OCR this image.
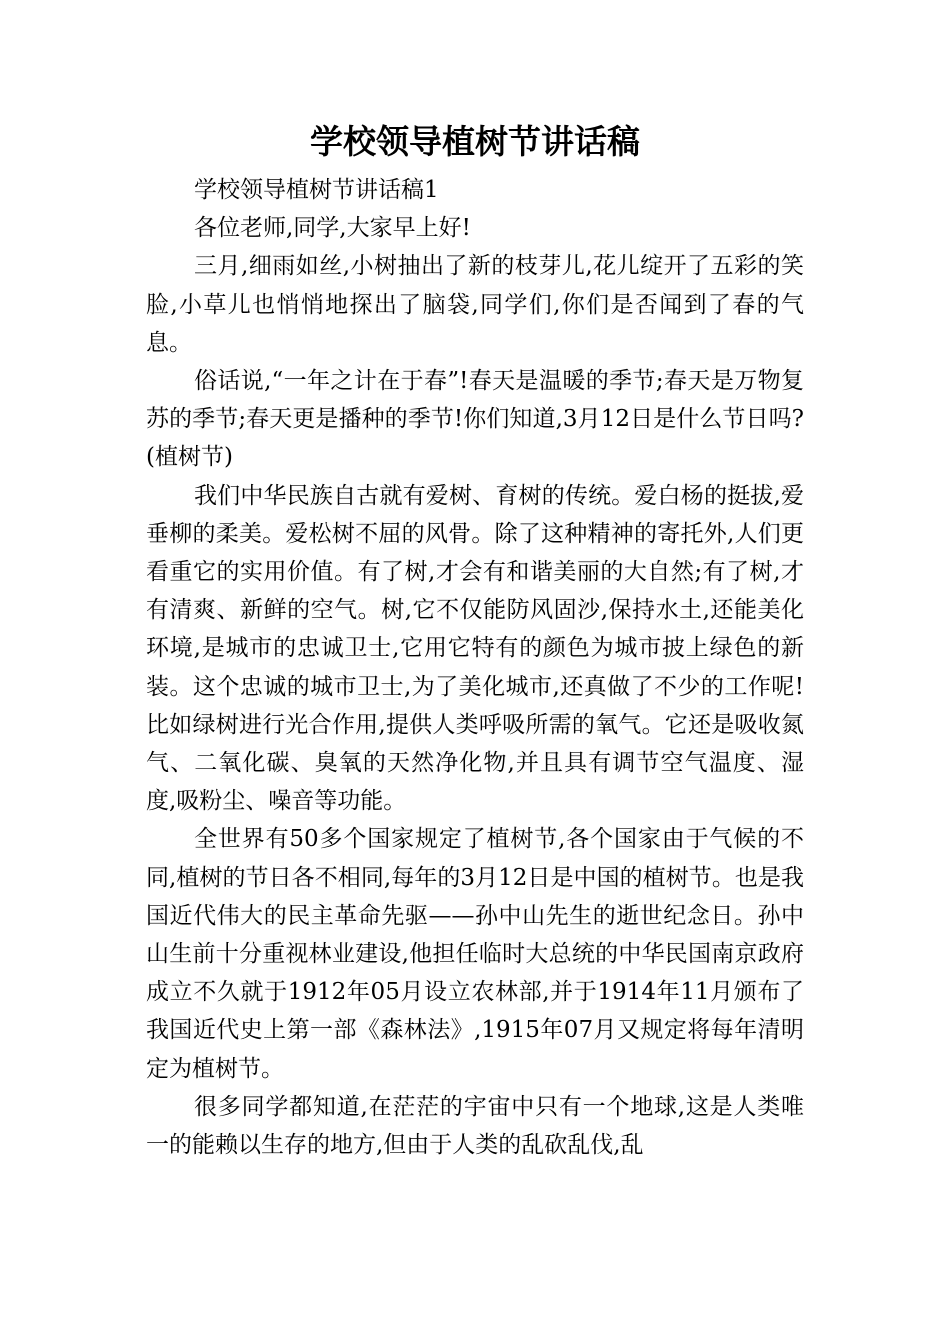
学校领导植树节讲话稿

学校领导植树节讲话稿1

各位老师,同学,大家早上好!

三月,细雨如丝,小树抽出了新的枝芽儿,花儿绽开了五彩的笑脸,小草儿也悄悄地探出了脑袋,同学们,你们是否闻到了春的气息。

俗话说,“一年之计在于春”!春天是温暖的季节;春天是万物复苏的季节;春天更是播种的季节!你们知道,3月12日是什么节日吗?(植树节)

我们中华民族自古就有爱树、育树的传统。爱白杨的挺拔,爱垂柳的柔美。爱松树不屈的风骨。除了这种精神的寄托外,人们更看重它的实用价值。有了树,才会有和谐美丽的大自然;有了树,才有清爽、新鲜的空气。树,它不仅能防风固沙,保持水土,还能美化环境,是城市的忠诚卫士,它用它特有的颜色为城市披上绿色的新装。这个忠诚的城市卫士,为了美化城市,还真做了不少的工作呢!比如绿树进行光合作用,提供人类呼吸所需的氧气。它还是吸收氮气、二氧化碳、臭氧的天然净化物,并且具有调节空气温度、湿度,吸粉尘、噪音等功能。

全世界有50多个国家规定了植树节,各个国家由于气候的不同,植树的节日各不相同,每年的3月12日是中国的植树节。也是我国近代伟大的民主革命先驱——孙中山先生的逝世纪念日。孙中山生前十分重视林业建设,他担任临时大总统的中华民国南京政府成立不久就于1912年05月设立农林部,并于1914年11月颁布了我国近代史上第一部《森林法》,1915年07月又规定将每年清明定为植树节。

很多同学都知道,在茫茫的宇宙中只有一个地球,这是人类唯一的能赖以生存的地方,但由于人类的乱砍乱伐,乱
